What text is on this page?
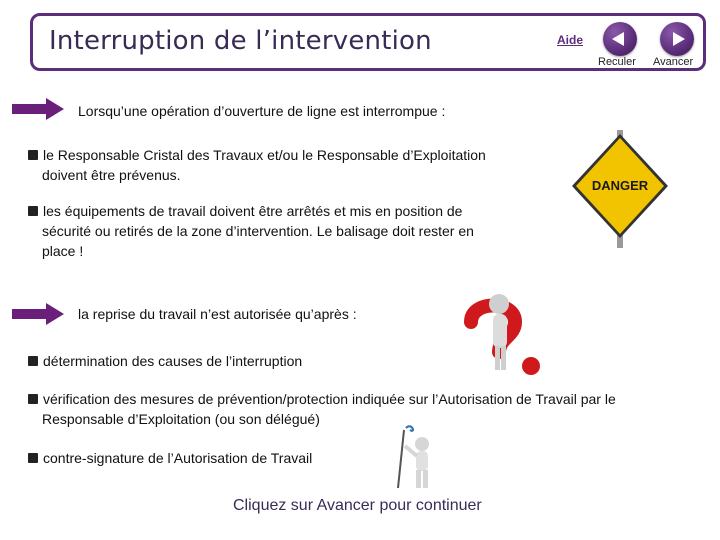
Interruption de l’intervention	Aide
Reculer Avancer
Lorsqu’une opération d’ouverture de ligne est interrompue :
le Responsable Cristal des Travaux et/ou le Responsable d’Exploitation
doivent être prévenus.
les équipements de travail doivent être arrêtés et mis en position de
sécurité ou retirés de la zone d’intervention. Le balisage doit rester en
place !
DANGER
la reprise du travail n’est autorisée qu’après :
détermination des causes de l’interruption
vérification des mesures de prévention/protection indiquée sur l’Autorisation de Travail par le
Responsable d’Exploitation (ou son délégué)
contre-signature de l’Autorisation de Travail
Cliquez sur Avancer pour continuer
